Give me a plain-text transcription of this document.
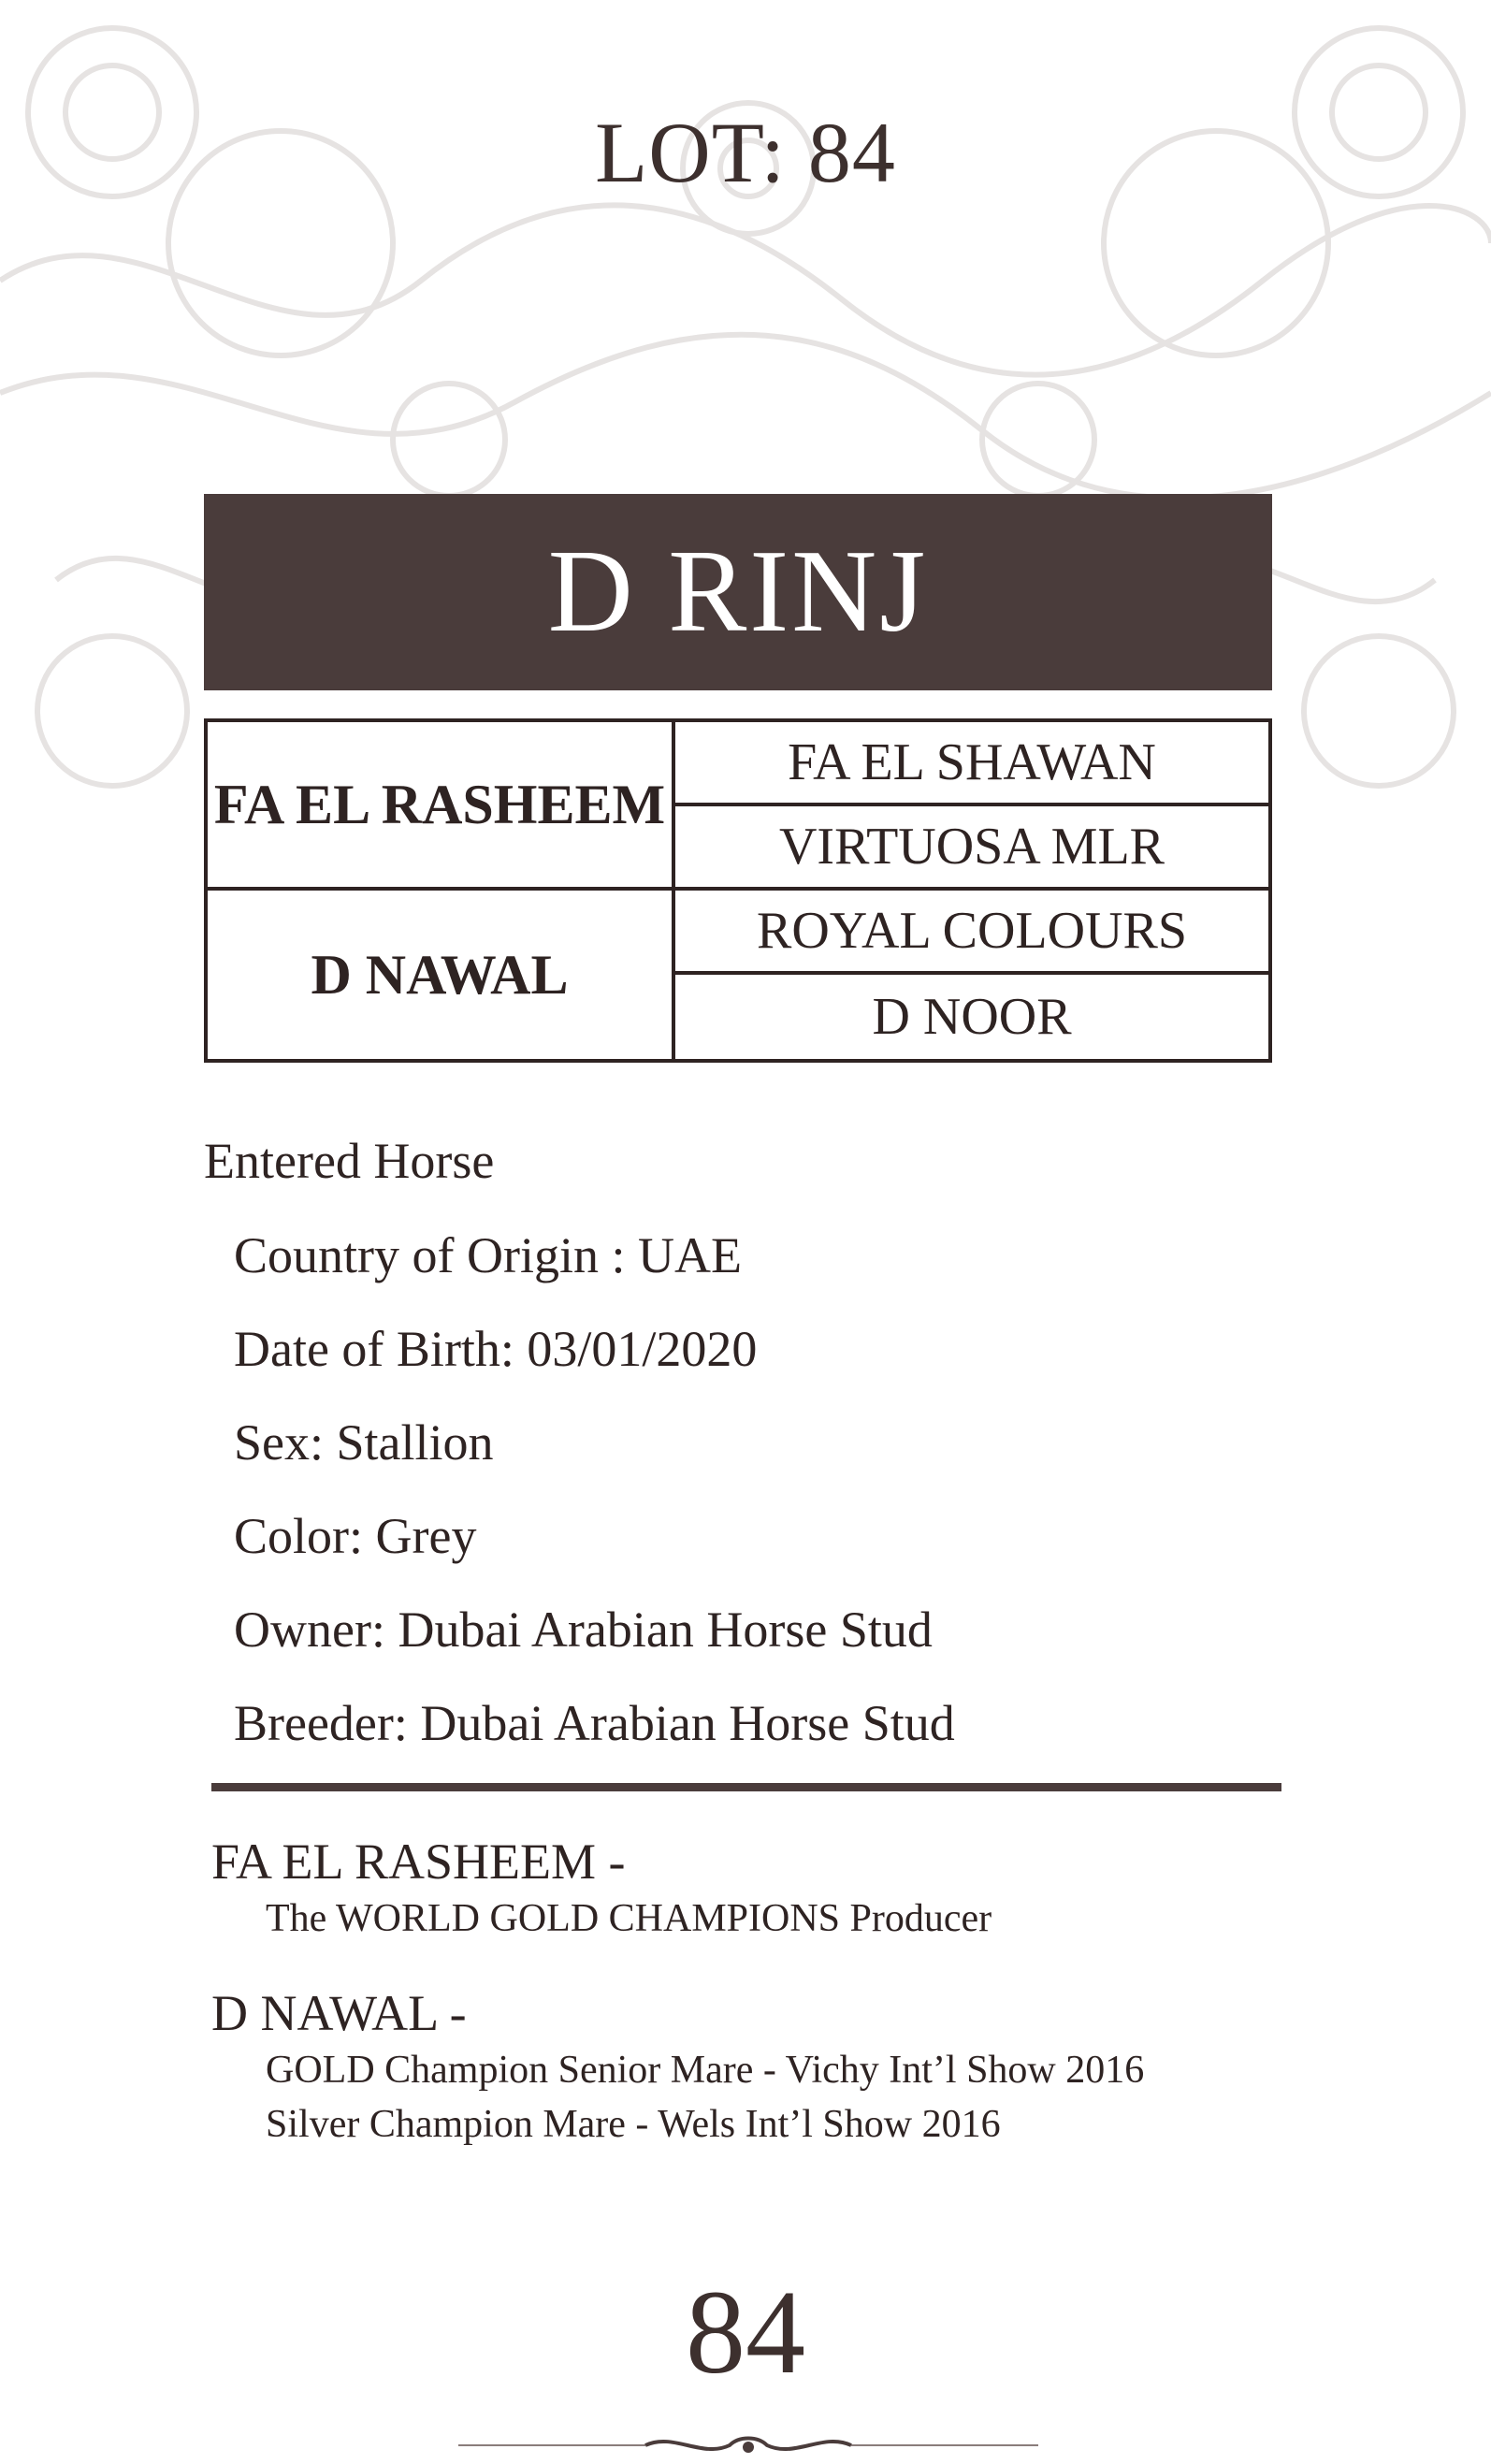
LOT: 84
D RINJ
FA EL RASHEEM
FA EL SHAWAN
VIRTUOSA MLR
D NAWAL
ROYAL COLOURS
D NOOR
Entered Horse
Country of Origin : UAE
Date of Birth: 03/01/2020
Sex: Stallion
Color: Grey
Owner: Dubai Arabian Horse Stud
Breeder: Dubai Arabian Horse Stud
FA EL RASHEEM -
The WORLD GOLD CHAMPIONS Producer
D NAWAL -
GOLD Champion Senior Mare - Vichy Int’l Show 2016
Silver Champion Mare - Wels Int’l Show 2016
84
